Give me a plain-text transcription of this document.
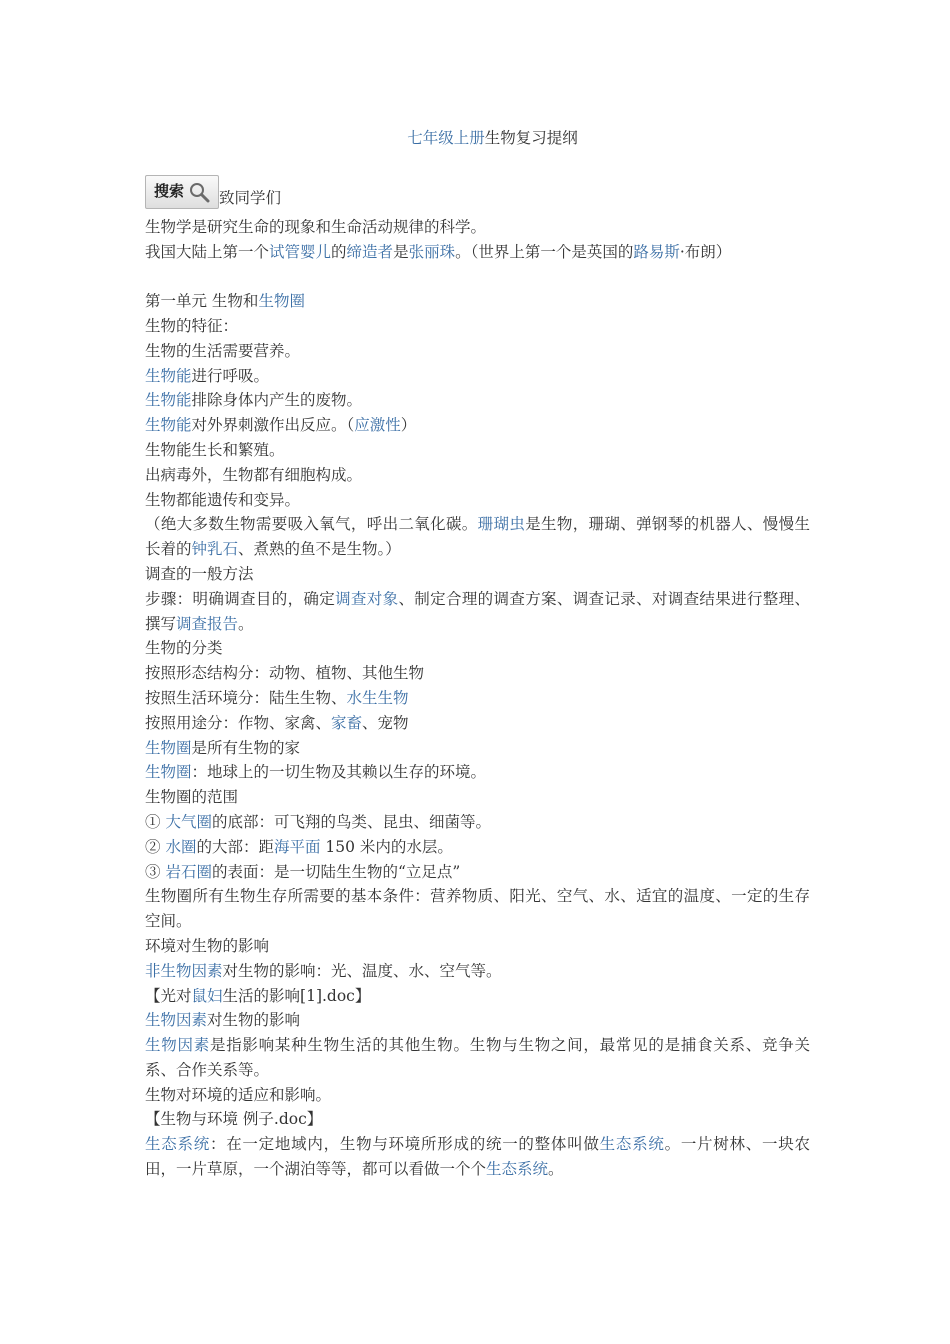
七年级上册生物复习提纲
搜索 致同学们
生物学是研究生命的现象和生命活动规律的科学。
我国大陆上第一个试管婴儿的缔造者是张丽珠。（世界上第一个是英国的路易斯·布朗）
第一单元 生物和生物圈
生物的特征：
生物的生活需要营养。
生物能进行呼吸。
生物能排除身体内产生的废物。
生物能对外界刺激作出反应。（应激性）
生物能生长和繁殖。
出病毒外，生物都有细胞构成。
生物都能遗传和变异。
（绝大多数生物需要吸入氧气，呼出二氧化碳。珊瑚虫是生物，珊瑚、弹钢琴的机器人、慢慢生长着的钟乳石、煮熟的鱼不是生物。）
调查的一般方法
步骤：明确调查目的，确定调查对象、制定合理的调查方案、调查记录、对调查结果进行整理、撰写调查报告。
生物的分类
按照形态结构分：动物、植物、其他生物
按照生活环境分：陆生生物、水生生物
按照用途分：作物、家禽、家畜、宠物
生物圈是所有生物的家
生物圈：地球上的一切生物及其赖以生存的环境。
生物圈的范围
① 大气圈的底部：可飞翔的鸟类、昆虫、细菌等。
② 水圈的大部：距海平面 150 米内的水层。
③ 岩石圈的表面：是一切陆生生物的“立足点”
生物圈所有生物生存所需要的基本条件：营养物质、阳光、空气、水、适宜的温度、一定的生存空间。
环境对生物的影响
非生物因素对生物的影响：光、温度、水、空气等。
【光对鼠妇生活的影响[1].doc】
生物因素对生物的影响
生物因素是指影响某种生物生活的其他生物。生物与生物之间，最常见的是捕食关系、竞争关系、合作关系等。
生物对环境的适应和影响。
【生物与环境 例子.doc】
生态系统：在一定地域内，生物与环境所形成的统一的整体叫做生态系统。一片树林、一块农田，一片草原，一个湖泊等等，都可以看做一个个生态系统。
